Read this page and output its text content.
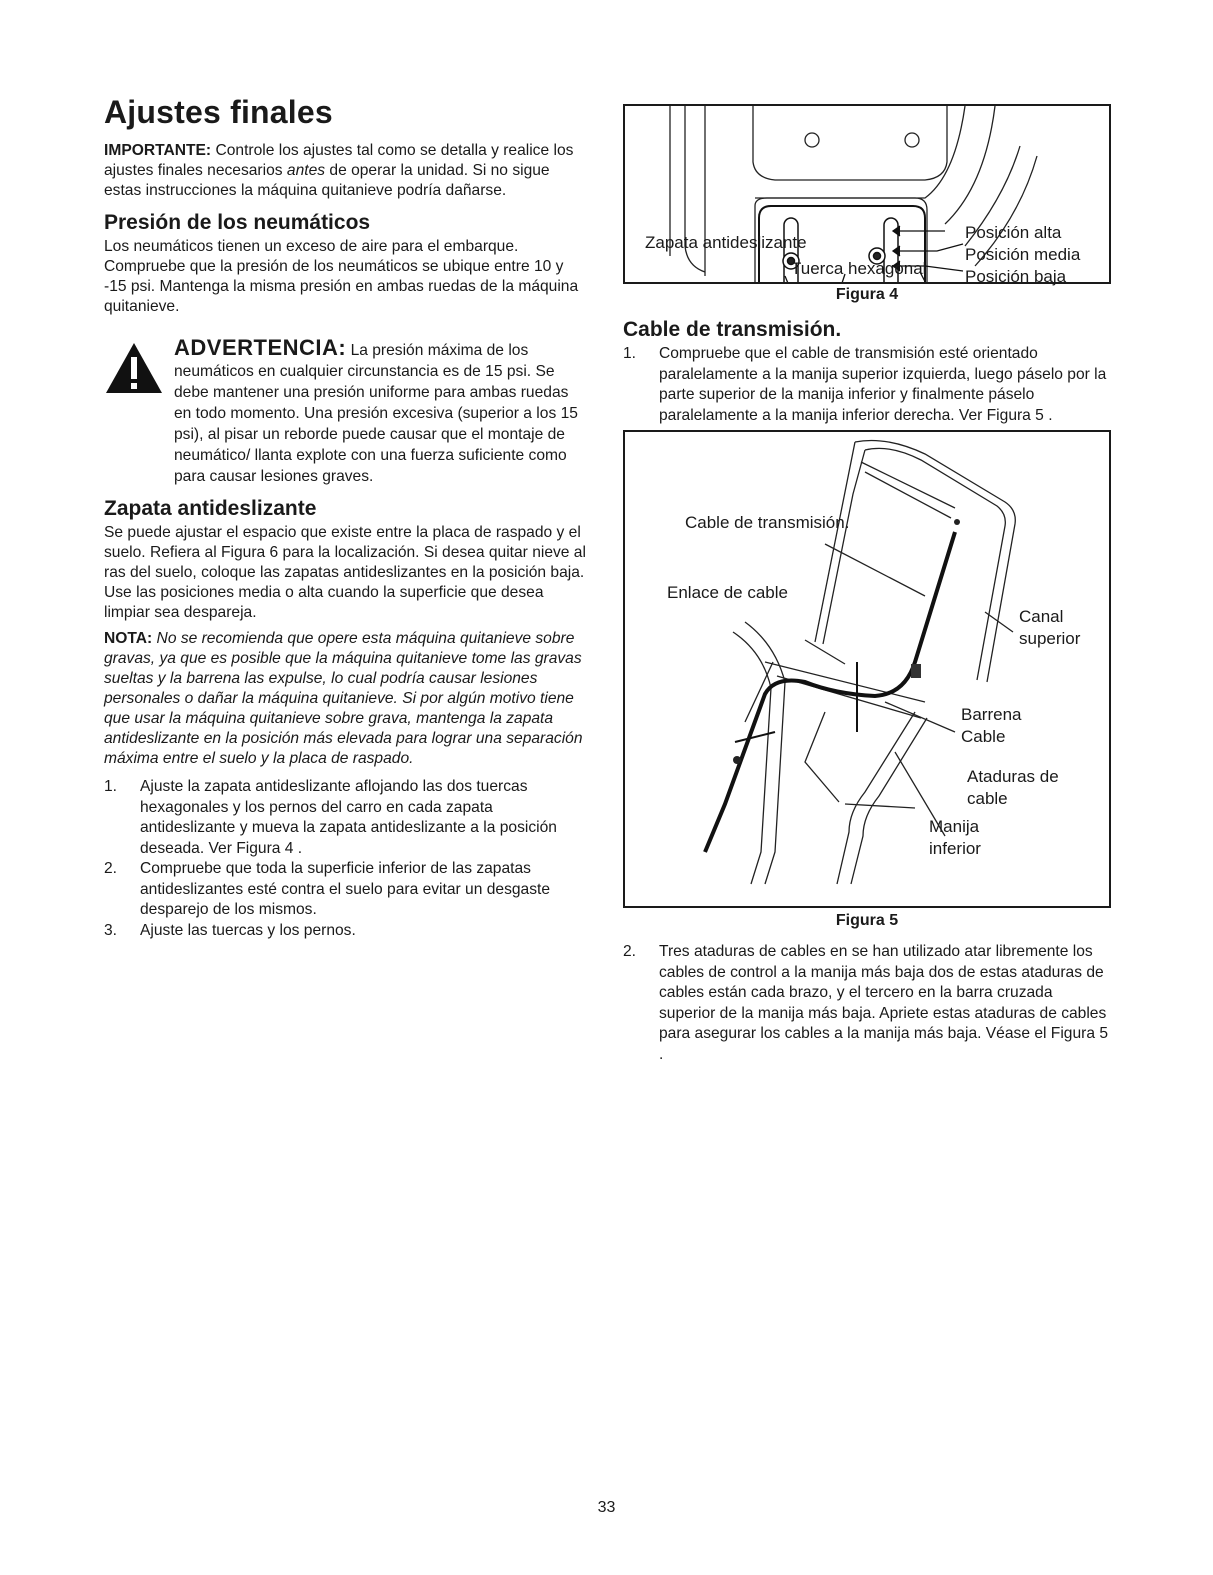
Ajustes finales

IMPORTANTE: Controle los ajustes tal como se detalla y realice los ajustes finales necesarios antes de operar la unidad. Si no sigue estas instrucciones la máquina quitanieve podría dañarse.

Presión de los neumáticos

Los neumáticos tienen un exceso de aire para el embarque. Compruebe que la presión de los neumáticos se ubique entre 10 y -15 psi. Mantenga la misma presión en ambas ruedas de la máquina quitanieve.

ADVERTENCIA: La presión máxima de los

neumáticos en cualquier circunstancia es de 15 psi. Se debe mantener una presión uniforme para ambas ruedas en todo momento. Una presión excesiva (superior a los 15 psi), al pisar un reborde puede causar que el montaje de neumático/ llanta explote con una fuerza suficiente como para causar lesiones graves.

Zapata antideslizante

Se puede ajustar el espacio que existe entre la placa de raspado y el suelo. Refiera al Figura 6 para la localización. Si desea quitar nieve al ras del suelo, coloque las zapatas antideslizantes en la posición baja. Use las posiciones media o alta cuando la superficie que desea limpiar sea despareja.

NOTA: No se recomienda que opere esta máquina quitanieve sobre gravas, ya que es posible que la máquina quitanieve tome las gravas sueltas y la barrena las expulse, lo cual podría causar lesiones personales o dañar la máquina quitanieve. Si por algún motivo tiene que usar la máquina quitanieve sobre grava, mantenga la zapata antideslizante en la posición más elevada para lograr una separación máxima entre el suelo y la placa de raspado.

1.	Ajuste la zapata antideslizante aflojando las dos tuercas hexagonales y los pernos del carro en cada zapata antideslizante y mueva la zapata antideslizante a la posición deseada. Ver Figura 4 .
2.	Compruebe que toda la superficie inferior de las zapatas antideslizantes esté contra el suelo para evitar un desgaste desparejo de los mismos.
3.	Ajuste las tuercas y los pernos.
Posición alta
Posición media
Posición baja
Zapata antideslizante
Tuerca hexagonal
Figura 4
Cable de transmisión.
1.	Compruebe que el cable de transmisión esté orientado paralelamente a la manija superior izquierda, luego páselo por la parte superior de la manija inferior y finalmente páselo paralelamente a la manija inferior derecha. Ver Figura 5 .
Cable de transmisión.
Enlace de cable
Canal
superior
Barrena
Cable
Ataduras de
cable
Manija
inferior
Figura 5
2.	Tres ataduras de cables en se han utilizado atar libremente los cables de control a la manija más baja dos de estas ataduras de cables están cada brazo, y el tercero en la barra cruzada superior de la manija más baja. Apriete estas ataduras de cables para asegurar los cables a la manija más baja. Véase el Figura 5 .
33
